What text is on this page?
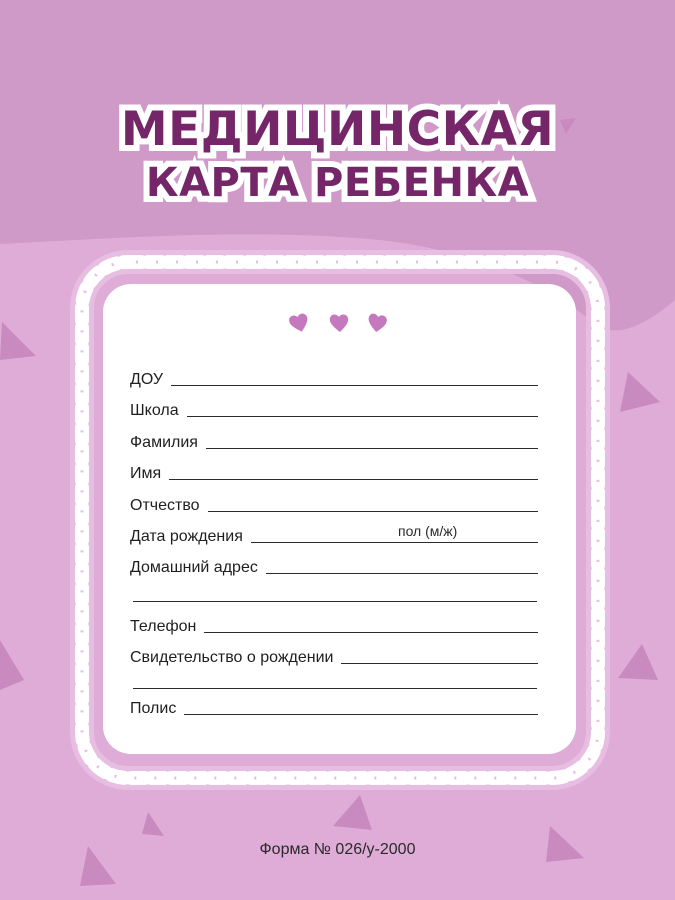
МЕДИЦИНСКАЯ
КАРТА РЕБЕНКА
ДОУ
Школа
Фамилия
Имя
Отчество
Дата рождения	пол (м/ж)
Домашний адрес
Телефон
Свидетельство о рождении
Полис
Форма № 026/у-2000
